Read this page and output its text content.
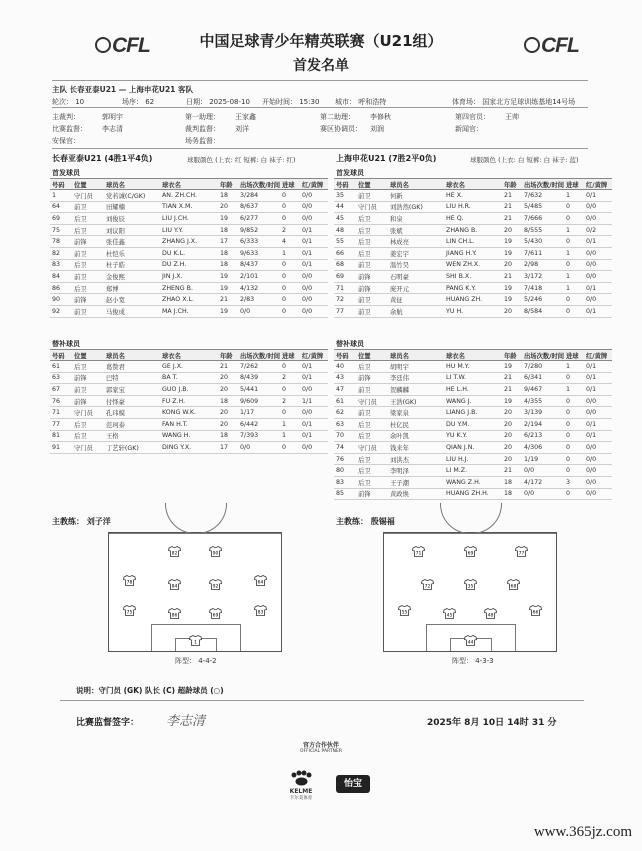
CFL	CFL
中国足球青少年精英联赛（U21组）
首发名单
主队 长春亚泰U21 — 上海申花U21 客队
轮次： 10	场序： 62	日期： 2025-08-10 开始时间： 15:30 城市： 呼和浩特	体育场： 国家北方足球训练基地14号场
主裁判：	郭明宇	第一助理： 王家鑫	第二助理： 李修秋	第四官员： 王帅
比赛监督： 李志清	裁判监督： 刘洋	赛区协调员： 刘润	新闻官：
安保官：	场务监督：
长春亚泰U21 (4胜1平4负)	球服颜色 (上衣: 红 短裤: 白 袜子: 红)
首发球员
号码	位置	球员名	球衣名	年龄	出场次数/时间	进球	红/黄牌
1	守门员	党若诚(C/GK)	AN. ZH.CH.	18	3/284	0	0/0
64	前卫	田耀楠	TIAN X.M.	20	8/637	0	0/0
69	后卫	刘俊辰	LIU J.CH.	19	6/277	0	0/0
75	后卫	刘议阳	LIU Y.Y.	18	9/852	2	0/1
78	前锋	张佳鑫	ZHANG J.X.	17	6/333	4	0/1
82	前卫	杜恺乐	DU K.L.	18	9/633	1	0/1
83	后卫	杜子皓	DU Z.H.	18	8/437	0	0/1
84	前卫	金俊熙	JIN J.X.	19	2/101	0	0/0
86	后卫	郑博	ZHENG B.	19	4/132	0	0/0
90	前锋	赵小宽	ZHAO X.L.	21	2/83	0	0/0
92	前卫	马俊成	MA J.CH.	19	0/0	0	0/0
替补球员
号码	位置	球员名	球衣名	年龄	出场次数/时间	进球	红/黄牌
61	后卫	葛赞君	GE J.X.	21	7/262	0	0/1
63	前锋	巴特	BA T.	20	8/439	2	0/1
67	前卫	郭家宝	GUO J.B.	20	5/441	0	0/0
76	前锋	付怿豪	FU Z.H.	18	9/609	2	1/1
71	守门员	孔玮模	KONG W.K.	20	1/17	0	0/0
77	后卫	范珂泰	FAN H.T.	20	6/442	1	0/1
81	后卫	王格	WANG H.	18	7/393	1	0/1
91	守门员	丁艺轩(GK)	DING Y.X.	17	0/0	0	0/0
上海申花U21 (7胜2平0负)	球服颜色 (上衣: 白 短裤: 白 袜子: 蓝)
首发球员
号码	位置	球员名	球衣名	年龄	出场次数/时间	进球	红/黄牌
35	前卫	何新	HE X.	21	7/632	1	0/1
44	守门员	刘浩然(GK)	LIU H.R.	21	5/485	0	0/0
45	后卫	和泉	HE Q.	21	7/666	0	0/0
48	后卫	张斌	ZHANG B.	20	8/555	1	0/2
55	后卫	林成亮	LIN CH.L.	19	5/430	0	0/1
66	后卫	姜宏宇	JIANG H.Y.	19	7/611	1	0/0
68	前卫	温竹昊	WEN ZH.X.	20	2/98	0	0/0
69	前锋	石明豪	SHI B.X.	21	3/172	1	0/0
71	前锋	庞开元	PANG K.Y.	19	7/418	1	0/1
72	前卫	黄征	HUANG ZH.	19	5/246	0	0/0
77	前卫	余航	YU H.	20	8/584	0	0/1
替补球员
号码	位置	球员名	球衣名	年龄	出场次数/时间	进球	红/黄牌
40	后卫	胡明宇	HU M.Y.	19	7/280	1	0/1
43	前锋	李廷伟	LI T.W.	21	6/341	0	0/1
47	前卫	贺麟麟	HE L.H.	21	9/467	1	0/1
61	守门员	王浩(GK)	WANG J.	19	4/355	0	0/0
62	前卫	梁家泉	LIANG J.B.	20	3/139	0	0/0
63	后卫	杜亿民	DU Y.M.	20	2/194	0	0/1
70	后卫	余叶凯	YU K.Y.	20	6/213	0	0/1
74	守门员	钱来年	QIAN J.N.	20	4/306	0	0/0
76	后卫	刘洪杰	LIU H.J.	20	1/19	0	0/0
80	后卫	李明泽	LI M.Z.	21	0/0	0	0/0
83	后卫	王子潮	WANG Z.H.	18	4/172	3	0/0
85	前锋	黄政焕	HUANG ZH.H.	18	0/0	0	0/0
主教练： 刘子洋	主教练： 殷锡福
82	90
78
84	92
64
75
86	69
83
1
阵型： 4-4-2
71	69	77
72	35	68
55
45	48
66
44
阵型： 4-3-3
说明：守门员 (GK) 队长 (C) 超龄球员 (○)
比赛监督签字： 李志清	2025年 8月 10日 14时 31 分
官方合作伙伴
OFFICIAL PARTNER
KELME
卡尔美体育
怡宝
www.365jz.com
